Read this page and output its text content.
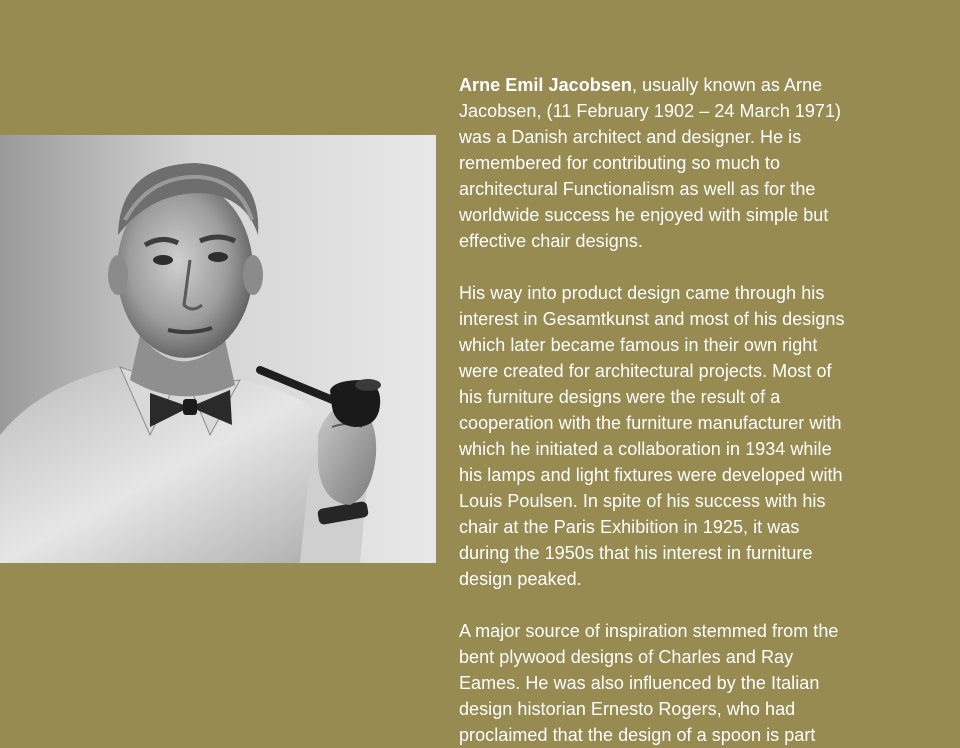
Arne Emil Jacobsen, usually known as Arne
Jacobsen, (11 February 1902 – 24 March 1971)
was a Danish architect and designer. He is
remembered for contributing so much to
architectural Functionalism as well as for the
worldwide success he enjoyed with simple but
effective chair designs.

His way into product design came through his
interest in Gesamtkunst and most of his designs
which later became famous in their own right
were created for architectural projects. Most of
his furniture designs were the result of a
cooperation with the furniture manufacturer with
which he initiated a collaboration in 1934 while
his lamps and light fixtures were developed with
Louis Poulsen. In spite of his success with his
chair at the Paris Exhibition in 1925, it was
during the 1950s that his interest in furniture
design peaked.

A major source of inspiration stemmed from the
bent plywood designs of Charles and Ray
Eames. He was also influenced by the Italian
design historian Ernesto Rogers, who had
proclaimed that the design of a spoon is part
